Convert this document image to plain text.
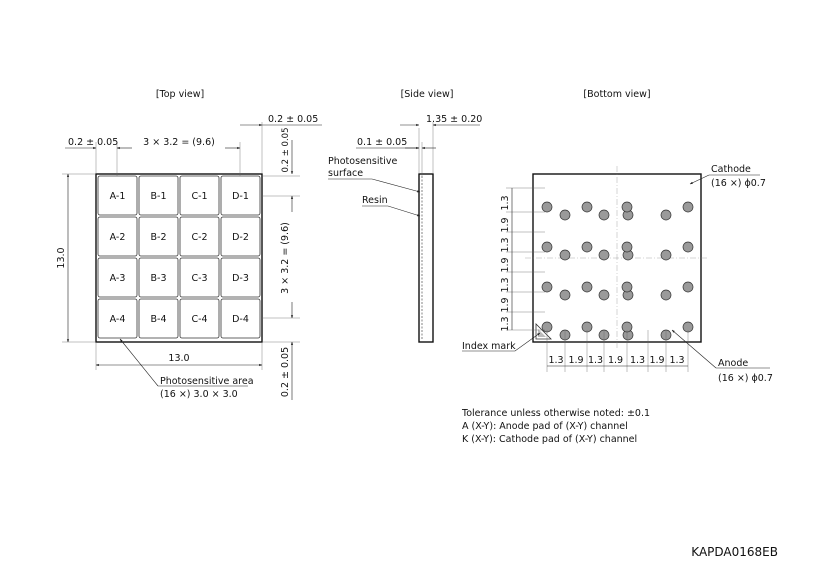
[Top view]	[Side view]	[Bottom view]
A-1	B-1	C-1	D-1
A-2	B-2	C-2	D-2
A-3	B-3	C-3	D-3
A-4	B-4	C-4	D-4
0.2 ± 0.05	3 × 3.2 = (9.6)
0.2 ± 0.05
13.0
0.2 ± 0.05
3 × 3.2 = (9.6)
0.2 ± 0.05
13.0
Photosensitive area
(16 ×) 3.0 × 3.0
1.35 ± 0.20
0.1 ± 0.05
Photosensitive
surface
Resin	1.3
1.9
1.3
1.9
1.3
1.9
1.3
1.3 1.9 1.3 1.9 1.3 1.9 1.3
Cathode
(16 ×) ϕ0.7
Anode
(16 ×) ϕ0.7
Index mark
Tolerance unless otherwise noted: ±0.1
A (X-Y): Anode pad of (X-Y) channel
K (X-Y): Cathode pad of (X-Y) channel
KAPDA0168EB
